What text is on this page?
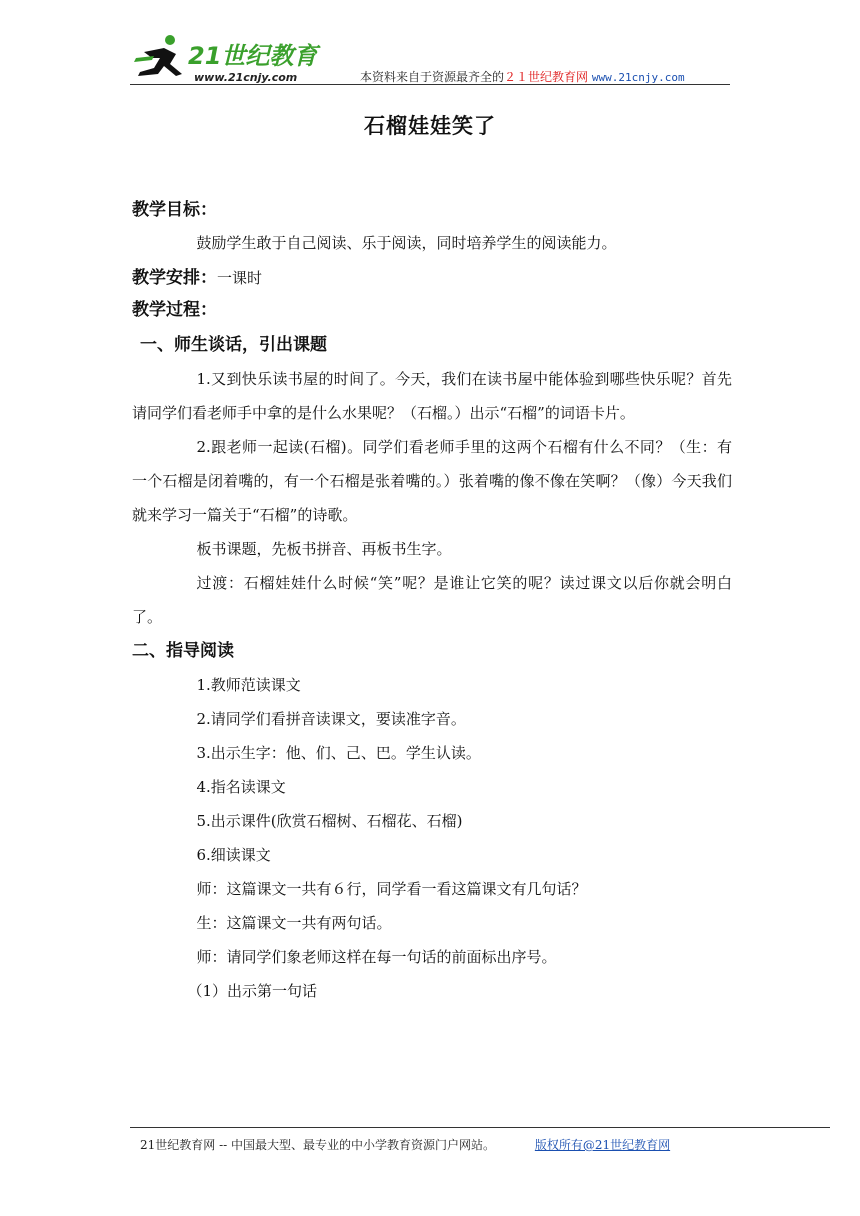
21世纪教育
www.21cnjy.com	本资料来自于资源最齐全的２１世纪教育网 www.21cnjy.com
石榴娃娃笑了

教学目标：

鼓励学生敢于自己阅读、乐于阅读，同时培养学生的阅读能力。

教学安排：一课时

教学过程：

一、师生谈话，引出课题

1.又到快乐读书屋的时间了。今天，我们在读书屋中能体验到哪些快乐呢？首先请同学们看老师手中拿的是什么水果呢？（石榴。）出示“石榴”的词语卡片。

2.跟老师一起读(石榴)。同学们看老师手里的这两个石榴有什么不同？（生：有一个石榴是闭着嘴的，有一个石榴是张着嘴的。）张着嘴的像不像在笑啊？（像）今天我们就来学习一篇关于“石榴”的诗歌。

板书课题，先板书拼音、再板书生字。

过渡：石榴娃娃什么时候“笑”呢？是谁让它笑的呢？读过课文以后你就会明白了。

二、指导阅读

1.教师范读课文

2.请同学们看拼音读课文，要读准字音。

3.出示生字：他、们、己、巴。学生认读。

4.指名读课文

5.出示课件(欣赏石榴树、石榴花、石榴)

6.细读课文

师：这篇课文一共有６行，同学看一看这篇课文有几句话？

生：这篇课文一共有两句话。

师：请同学们象老师这样在每一句话的前面标出序号。

（1）出示第一句话

21世纪教育网 -- 中国最大型、最专业的中小学教育资源门户网站。	版权所有@21世纪教育网
